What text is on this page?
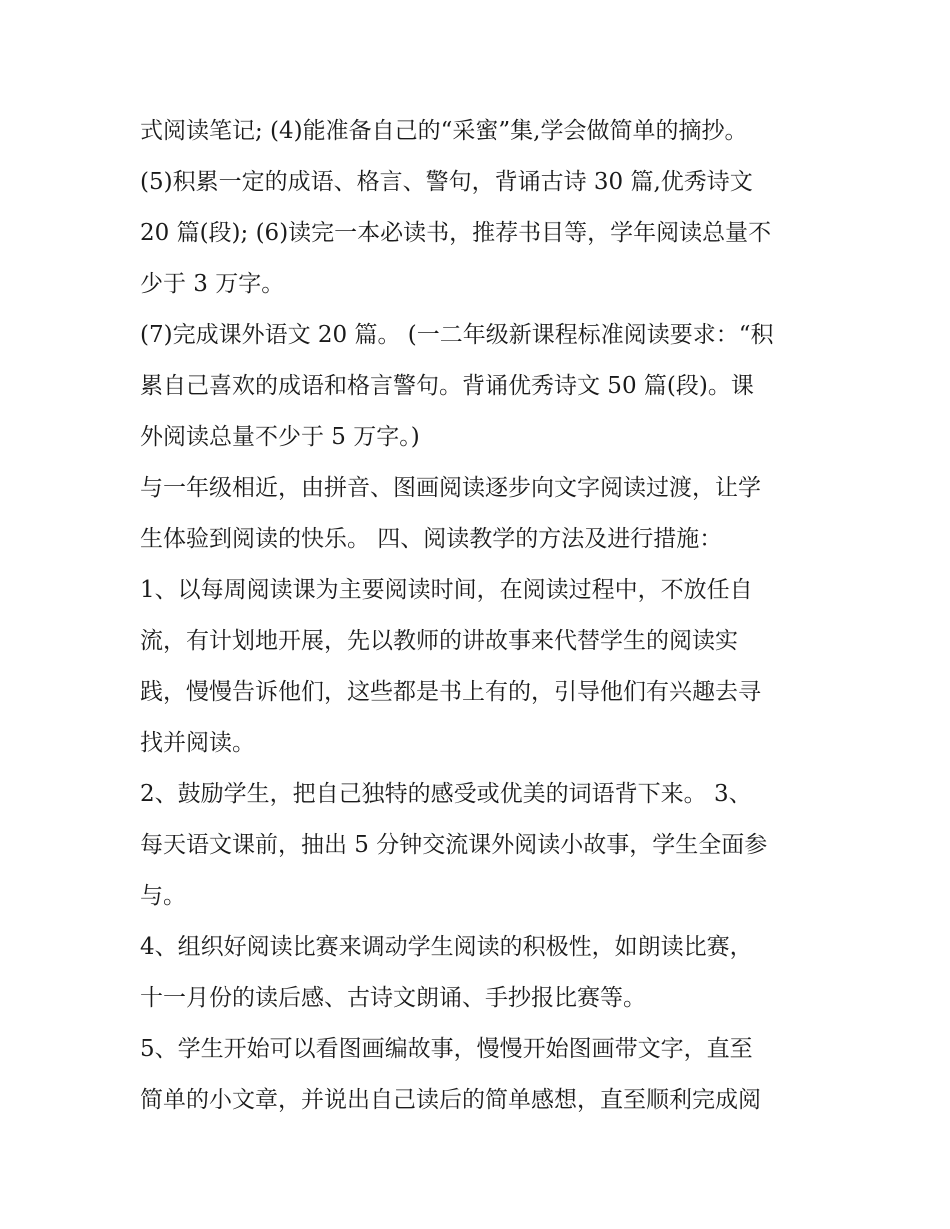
式阅读笔记; (4)能准备自己的“采蜜”集,学会做简单的摘抄。
(5)积累一定的成语、格言、警句，背诵古诗 30 篇,优秀诗文
20 篇(段); (6)读完一本必读书，推荐书目等，学年阅读总量不
少于 3 万字。
(7)完成课外语文 20 篇。 (一二年级新课程标准阅读要求：“积
累自己喜欢的成语和格言警句。背诵优秀诗文 50 篇(段)。课
外阅读总量不少于 5 万字。)
与一年级相近，由拼音、图画阅读逐步向文字阅读过渡，让学
生体验到阅读的快乐。 四、阅读教学的方法及进行措施：
1、以每周阅读课为主要阅读时间，在阅读过程中，不放任自
流，有计划地开展，先以教师的讲故事来代替学生的阅读实
践，慢慢告诉他们，这些都是书上有的，引导他们有兴趣去寻
找并阅读。
2、鼓励学生，把自己独特的感受或优美的词语背下来。 3、
每天语文课前，抽出 5 分钟交流课外阅读小故事，学生全面参
与。
4、组织好阅读比赛来调动学生阅读的积极性，如朗读比赛，
十一月份的读后感、古诗文朗诵、手抄报比赛等。
5、学生开始可以看图画编故事，慢慢开始图画带文字，直至
简单的小文章，并说出自己读后的简单感想，直至顺利完成阅
